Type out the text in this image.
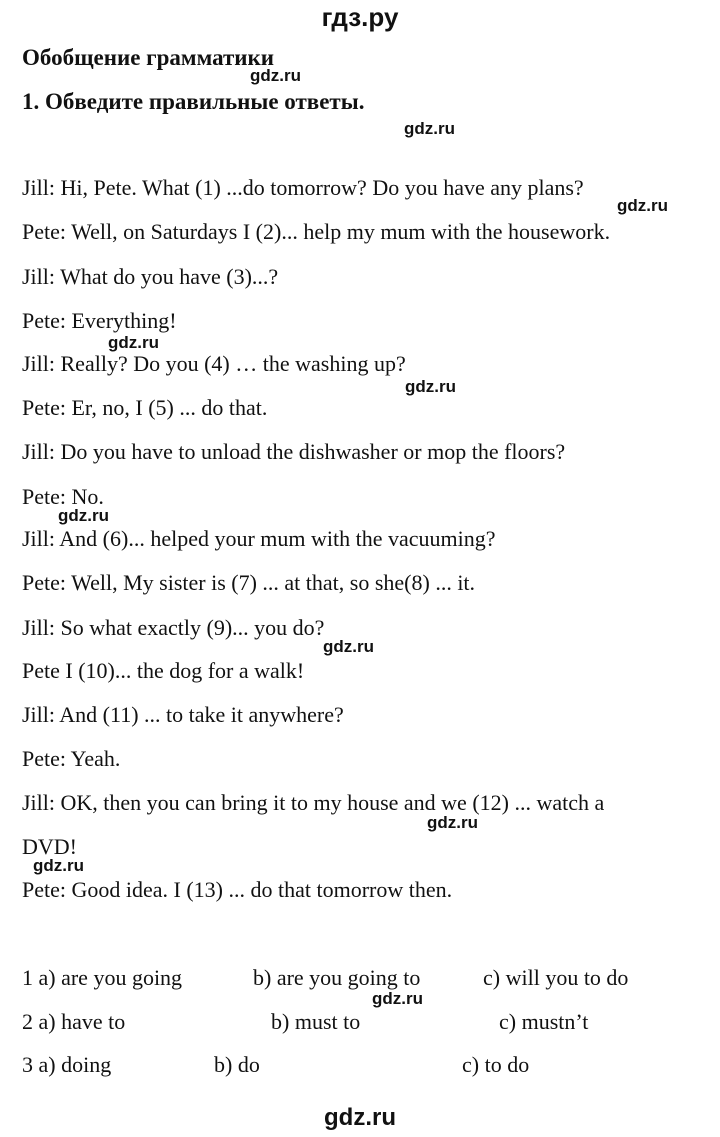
гдз.ру
Обобщение грамматики
1. Обведите правильные ответы.
Jill: Hi, Pete. What (1) ...do tomorrow? Do you have any plans?
Pete: Well, on Saturdays I (2)... help my mum with the housework.
Jill: What do you have (3)...?
Pete: Everything!
Jill: Really? Do you (4) … the washing up?
Pete: Er, no, I (5) ... do that.
Jill: Do you have to unload the dishwasher or mop the floors?
Pete: No.
Jill: And (6)... helped your mum with the vacuuming?
Pete: Well, My sister is (7) ... at that, so she(8) ... it.
Jill: So what exactly (9)... you do?
Pete I (10)... the dog for a walk!
Jill: And (11) ... to take it anywhere?
Pete: Yeah.
Jill: OK, then you can bring it to my house and we (12) ... watch a
DVD!
Pete: Good idea. I (13) ... do that tomorrow then.
1 a) are you going	b) are you going to	c) will you to do
2 a) have to	b) must to	c) mustn’t
3 a) doing	b) do	c) to do
gdz.ru
gdz.ru
gdz.ru
gdz.ru
gdz.ru
gdz.ru
gdz.ru
gdz.ru
gdz.ru
gdz.ru
gdz.ru
